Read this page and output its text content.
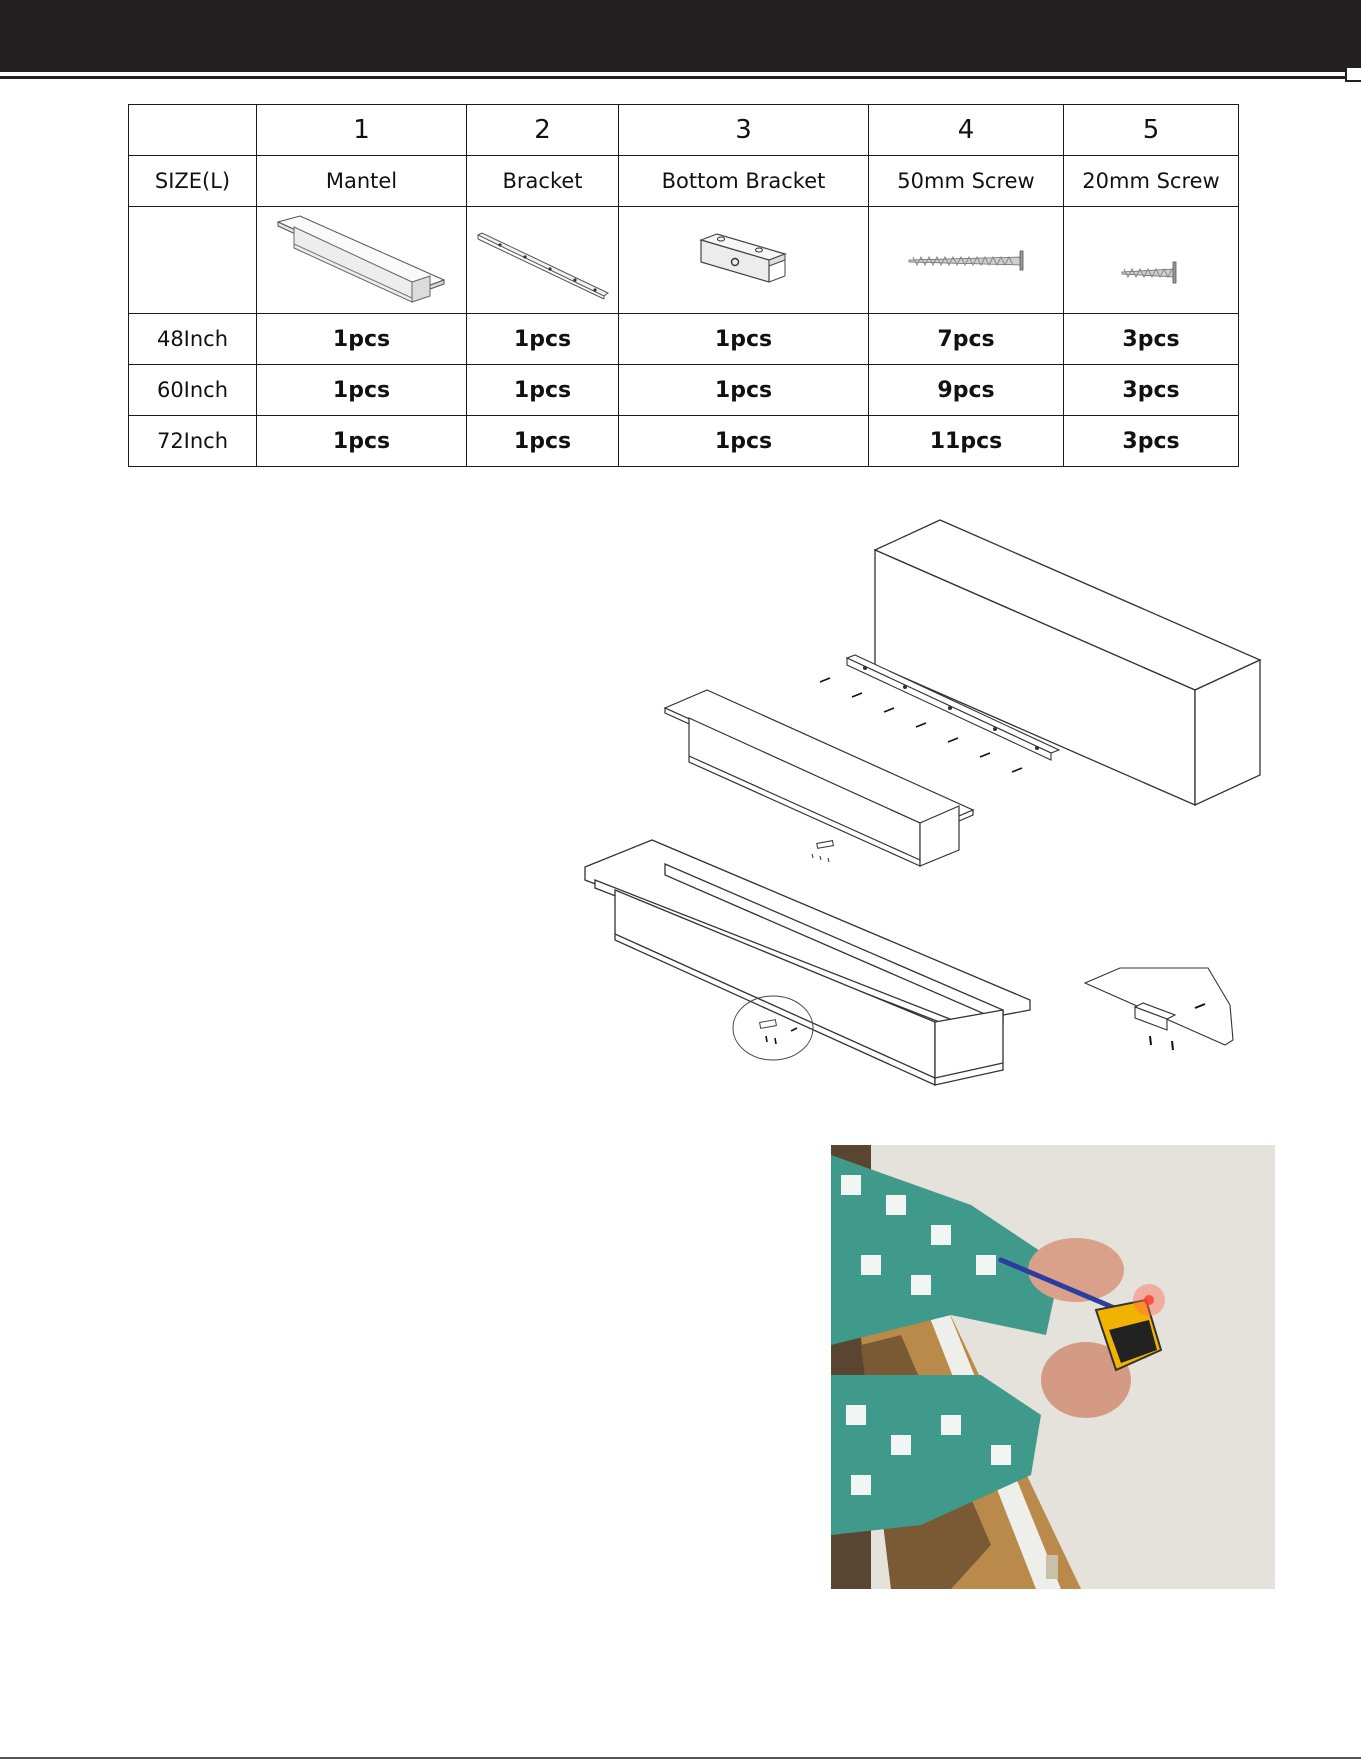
	1	2	3	4	5
SIZE(L)	Mantel	Bracket	Bottom Bracket	50mm Screw	20mm Screw

48Inch	1pcs	1pcs	1pcs	7pcs	3pcs
60Inch	1pcs	1pcs	1pcs	9pcs	3pcs
72Inch	1pcs	1pcs	1pcs	11pcs	3pcs
